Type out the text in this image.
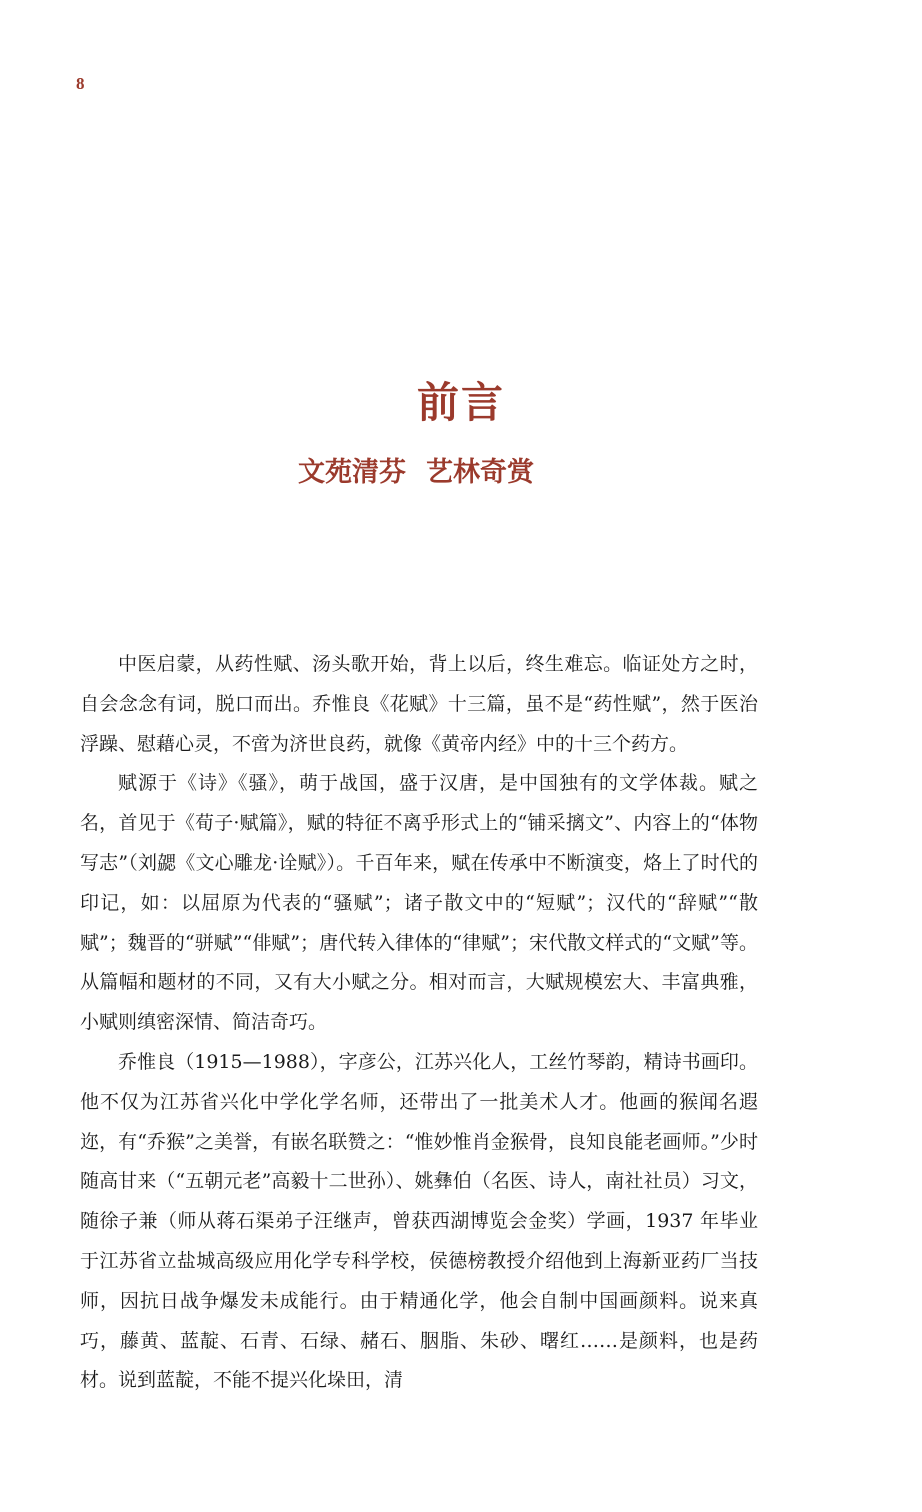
8
前言
文苑清芬 艺林奇赏

中医启蒙，从药性赋、汤头歌开始，背上以后，终生难忘。临证处方之时，自会念念有词，脱口而出。乔惟良《花赋》十三篇，虽不是“药性赋”，然于医治浮躁、慰藉心灵，不啻为济世良药，就像《黄帝内经》中的十三个药方。

赋源于《诗》《骚》，萌于战国，盛于汉唐，是中国独有的文学体裁。赋之名，首见于《荀子·赋篇》，赋的特征不离乎形式上的“铺采摛文”、内容上的“体物写志”（刘勰《文心雕龙·诠赋》）。千百年来，赋在传承中不断演变，烙上了时代的印记，如：以屈原为代表的“骚赋”；诸子散文中的“短赋”；汉代的“辞赋”“散赋”；魏晋的“骈赋”“俳赋”；唐代转入律体的“律赋”；宋代散文样式的“文赋”等。从篇幅和题材的不同，又有大小赋之分。相对而言，大赋规模宏大、丰富典雅，小赋则缜密深情、简洁奇巧。

乔惟良（1915—1988），字彦公，江苏兴化人，工丝竹琴韵，精诗书画印。他不仅为江苏省兴化中学化学名师，还带出了一批美术人才。他画的猴闻名遐迩，有“乔猴”之美誉，有嵌名联赞之：“惟妙惟肖金猴骨，良知良能老画师。”少时随高甘来（“五朝元老”高毅十二世孙）、姚彝伯（名医、诗人，南社社员）习文，随徐子兼（师从蒋石渠弟子汪继声，曾获西湖博览会金奖）学画，1937 年毕业于江苏省立盐城高级应用化学专科学校，侯德榜教授介绍他到上海新亚药厂当技师，因抗日战争爆发未成能行。由于精通化学，他会自制中国画颜料。说来真巧，藤黄、蓝靛、石青、石绿、赭石、胭脂、朱砂、曙红……是颜料，也是药材。说到蓝靛，不能不提兴化垛田，清
